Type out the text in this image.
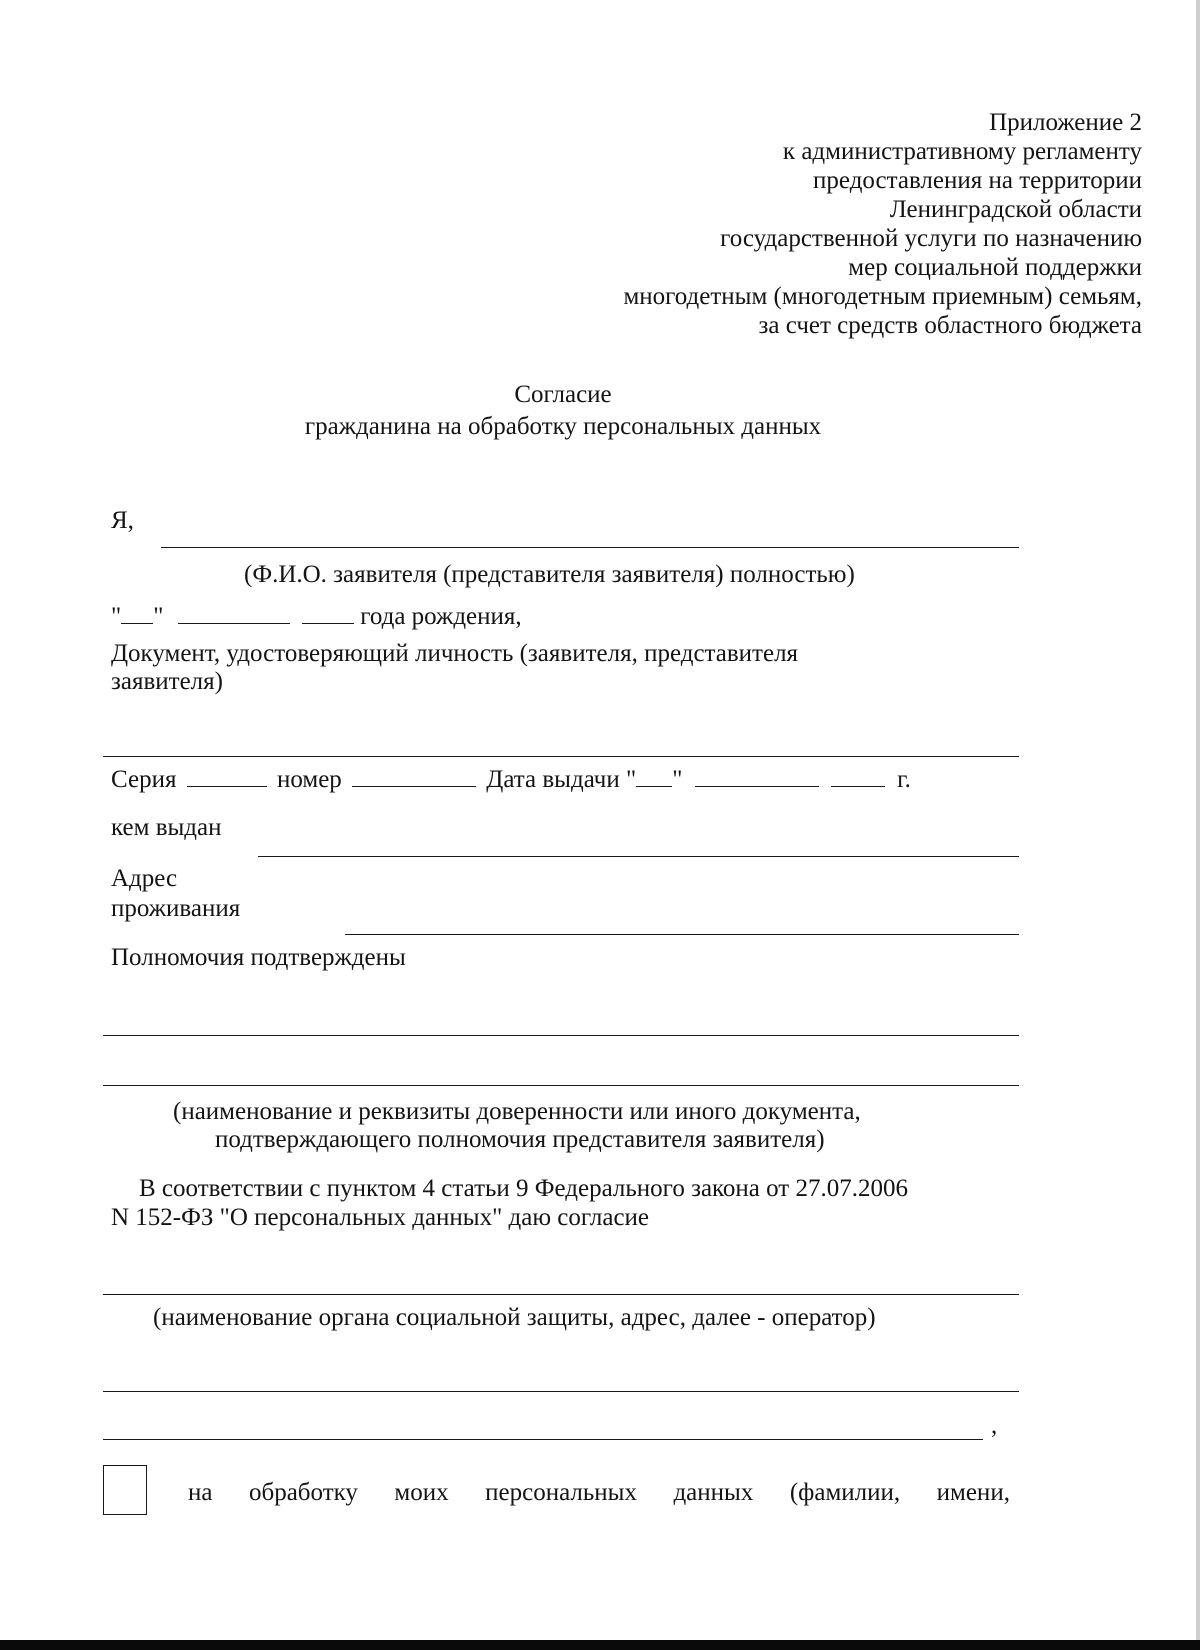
Приложение 2
к административному регламенту
предоставления на территории
Ленинградской области
государственной услуги по назначению
мер социальной поддержки
многодетным (многодетным приемным) семьям,
за счет средств областного бюджета
Согласие
гражданина на обработку персональных данных
Я,
(Ф.И.О. заявителя (представителя заявителя) полностью)
" "	года рождения,
Документ, удостоверяющий личность (заявителя, представителя
заявителя)
Серия	номер	Дата выдачи " "	г.
кем выдан
Адрес
проживания
Полномочия подтверждены
(наименование и реквизиты доверенности или иного документа,
подтверждающего полномочия представителя заявителя)
В соответствии с пунктом 4 статьи 9 Федерального закона от 27.07.2006
N 152-ФЗ "О персональных данных" даю согласие
(наименование органа социальной защиты, адрес, далее - оператор)
,
на обработку моих персональных данных (фамилии, имени,
